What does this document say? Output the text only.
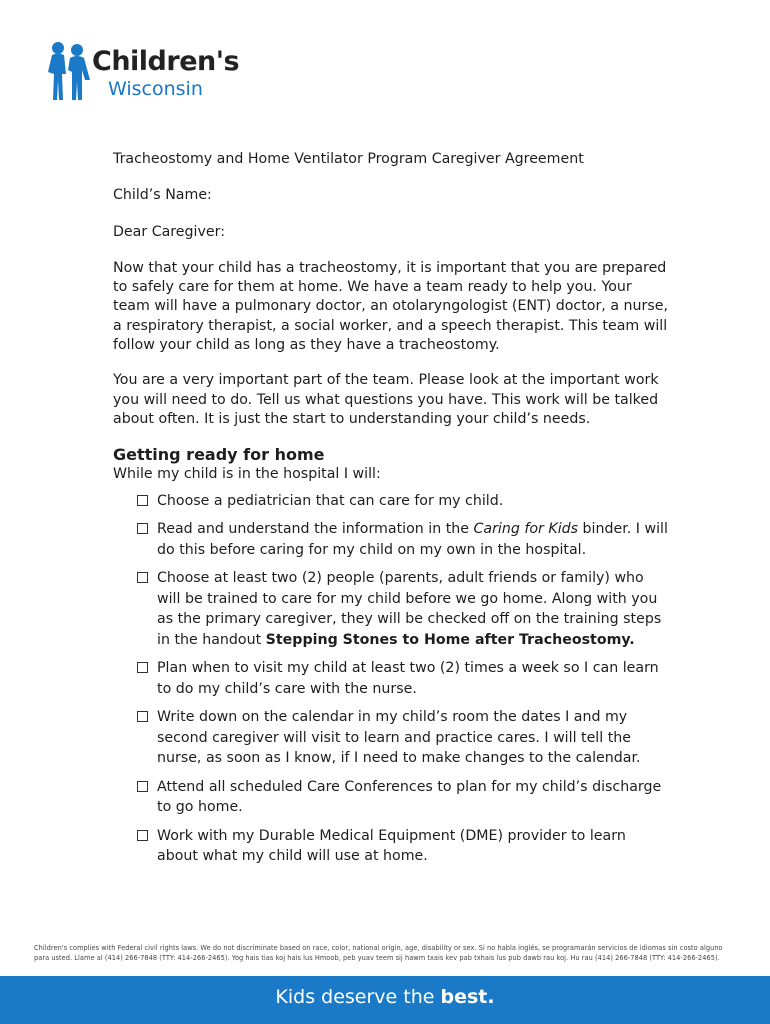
Children's
Wisconsin
Tracheostomy and Home Ventilator Program Caregiver Agreement
Child’s Name:
Dear Caregiver:
Now that your child has a tracheostomy, it is important that you are prepared to safely care for them at home. We have a team ready to help you. Your team will have a pulmonary doctor, an otolaryngologist (ENT) doctor, a nurse, a respiratory therapist, a social worker, and a speech therapist. This team will follow your child as long as they have a tracheostomy.
You are a very important part of the team. Please look at the important work you will need to do. Tell us what questions you have. This work will be talked about often. It is just the start to understanding your child’s needs.
Getting ready for home
While my child is in the hospital I will:
Choose a pediatrician that can care for my child.
Read and understand the information in the Caring for Kids binder. I will do this before caring for my child on my own in the hospital.
Choose at least two (2) people (parents, adult friends or family) who will be trained to care for my child before we go home. Along with you as the primary caregiver, they will be checked off on the training steps in the handout Stepping Stones to Home after Tracheostomy.
Plan when to visit my child at least two (2) times a week so I can learn to do my child’s care with the nurse.
Write down on the calendar in my child’s room the dates I and my second caregiver will visit to learn and practice cares. I will tell the nurse, as soon as I know, if I need to make changes to the calendar.
Attend all scheduled Care Conferences to plan for my child’s discharge to go home.
Work with my Durable Medical Equipment (DME) provider to learn about what my child will use at home.
Children's complies with Federal civil rights laws. We do not discriminate based on race, color, national origin, age, disability or sex. Si no habla inglés, se programarán servicios de idiomas sin costo alguno para usted. Llame al (414) 266-7848 (TTY: 414-266-2465). Yog hais tias koj hais lus Hmoob, peb yuav teem sij hawm txais kev pab txhais lus pub dawb rau koj. Hu rau (414) 266-7848 (TTY: 414-266-2465).
Kids deserve the best.
